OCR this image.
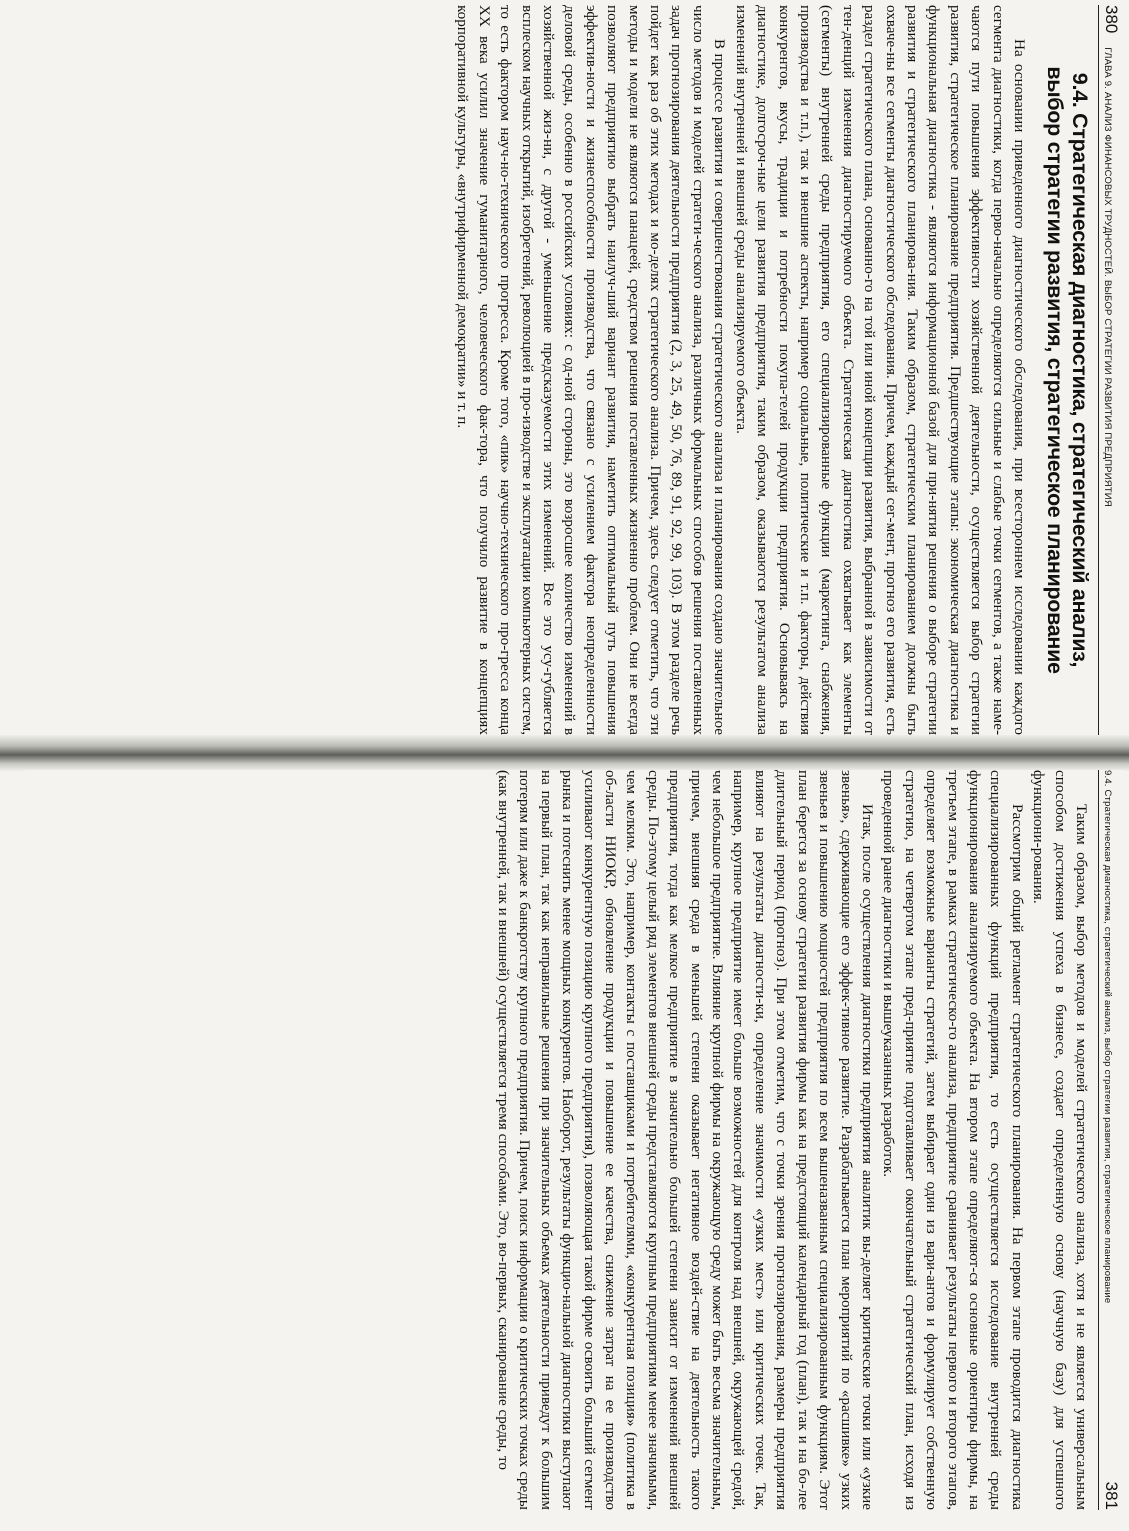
380
ГЛАВА 9. АНАЛИЗ ФИНАНСОВЫХ ТРУДНОСТЕЙ. ВЫБОР СТРАТЕГИИ РАЗВИТИЯ ПРЕДПРИЯТИЯ
9.4. Стратегическая диагностика, стратегический анализ,
выбор стратегии развития, стратегическое планирование

На основании приведенного диагностического обследования, при всестороннем исследовании каждого сегмента диагностики, когда перво-начально определяются сильные и слабые точки сегментов, а также наме-чаются пути повышения эффективности хозяйственной деятельности, осуществляется выбор стратегии развития, стратегическое планирование предприятия. Предшествующие этапы: экономическая диагностика и функциональная диагностика - являются информационной базой для при-нятия решения о выборе стратегии развития и стратегического планирова-ния. Таким образом, стратегическим планированием должны быть охваче-ны все сегменты диагностического обследования. Причем, каждый сег-мент, прогноз его развития, есть раздел стратегического плана, основанно-го на той или иной концепции развития, выбранной в зависимости от тен-денций изменения диагностируемого объекта. Стратегическая диагностика охватывает как элементы (сегменты) внутренней среды предприятия, его специализированные функции (маркетинга, снабжения, производства и т.п.), так и внешние аспекты, например социальные, политические и т.п. факторы, действия конкурентов, вкусы, традиции и потребности покупа-телей продукции предприятия. Основываясь на диагностике, долгосроч-ные цели развития предприятия, таким образом, оказываются результатом анализа изменений внутренней и внешней среды анализируемого объекта.

В процессе развития и совершенствования стратегического анализа и планирования создано значительное число методов и моделей стратеги-ческого анализа, различных формальных способов решения поставленных задач прогнозирования деятельности предприятия (2, 3, 25, 49, 50, 76, 89, 91, 92, 99, 103). В этом разделе речь пойдет как раз об этих методах и мо-делях стратегического анализа. Причем, здесь следует отметить, что эти методы и модели не являются панацеей, средством решения поставленных жизненно проблем. Они не всегда позволяют предприятию выбрать наилуч-ший вариант развития, наметить оптимальный путь повышения эффектив-ности и жизнеспособности производства, что связано с усилением фактора неопределенности деловой среды, особенно в российских условиях: с од-ной стороны, это возросшее количество изменений в хозяйственной жиз-ни, с другой - уменьшение предсказуемости этих изменений. Все это усу-губляется всплеском научных открытий, изобретений, революцией в про-изводстве и эксплуатации компьютерных систем, то есть фактором науч-но-технического прогресса. Кроме того, «пик» научно-технического про-гресса конца XX века усилил значение гуманитарного, человеческого фак-тора, что получило развитие в концепциях корпоративной культуры, «внутрифирменной демократии» и т. п.

9.4. Стратегическая диагностика, стратегический анализ, выбор стратегии развития, стратегическое планирование
381

Таким образом, выбор методов и моделей стратегического анализа, хотя и не является универсальным способом достижения успеха в бизнесе, создает определенную основу (научную базу) для успешного функциони-рования.

Рассмотрим общий регламент стратегического планирования. На первом этапе проводится диагностика специализированных функций предприятия, то есть осуществляется исследование внутренней среды функционирования анализируемого объекта. На втором этапе определяют-ся основные ориентиры фирмы, на третьем этапе, в рамках стратегическо-го анализа, предприятие сравнивает результаты первого и второго этапов, определяет возможные варианты стратегий, затем выбирает один из вари-антов и формулирует собственную стратегию, на четвертом этапе пред-приятие подготавливает окончательный стратегический план, исходя из проведенной ранее диагностики и вышеуказанных разработок.

Итак, после осуществления диагностики предприятия аналитик вы-деляет критические точки или «узкие звенья», сдерживающие его эффек-тивное развитие. Разрабатывается план мероприятий по «расшивке» узких звеньев и повышению мощностей предприятия по всем вышеназванным специализированным функциям. Этот план берется за основу стратегии развития фирмы как на предстоящий календарный год (план), так и на бо-лее длительный период (прогноз). При этом отметим, что с точки зрения прогнозирования, размеры предприятия влияют на результаты диагности-ки, определение значимости «узких мест» или критических точек. Так, например, крупное предприятие имеет больше возможностей для контроля над внешней, окружающей средой, чем небольшое предприятие. Влияние крупной фирмы на окружающую среду может быть весьма значительным, причем, внешняя среда в меньшей степени оказывает негативное воздей-ствие на деятельность такого предприятия, тогда как мелкое предприятие в значительно большей степени зависит от изменений внешней среды. По-этому целый ряд элементов внешней среды представляются крупным предприятиям менее значимыми, чем мелким. Это, например, контакты с поставщиками и потребителями, «конкурентная позиция» (политика в об-ласти НИОКР, обновление продукции и повышение ее качества, снижение затрат на ее производство усиливают конкурентную позицию крупного предприятия), позволяющая такой фирме освоить больший сегмент рынка и потеснить менее мощных конкурентов. Наоборот, результаты функцио-нальной диагностики выступают на первый план, так как неправильные решения при значительных объемах деятельности приведут к большим потерям или даже к банкротству крупного предприятия. Причем, поиск информации о критических точках среды (как внутренней, так и внешней) осуществляется тремя способами. Это, во-первых, сканирование среды, то
